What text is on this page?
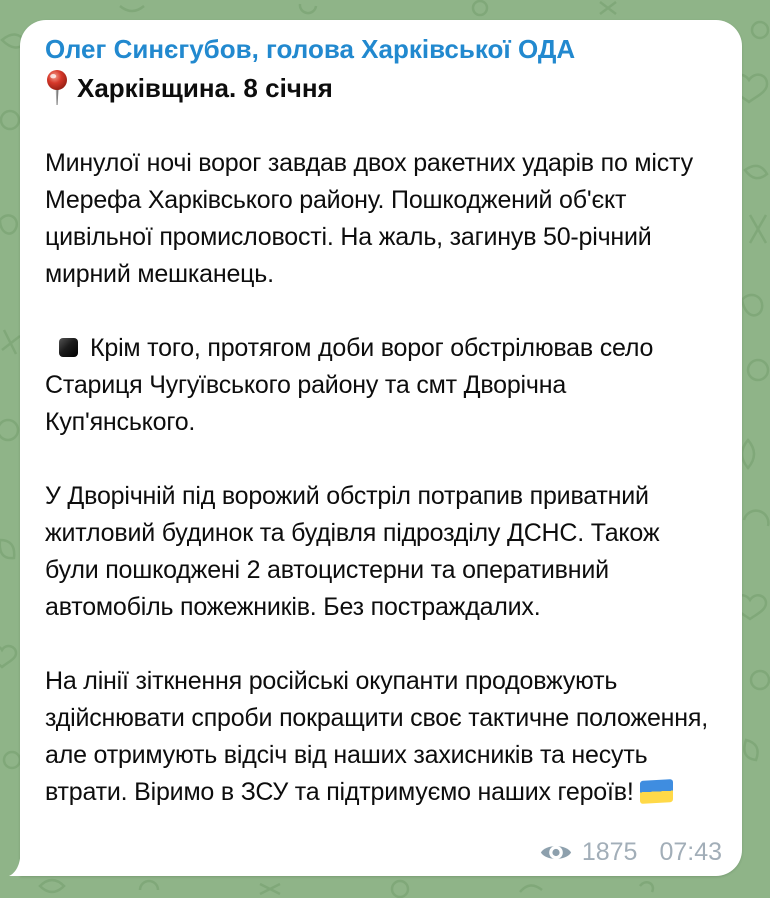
Олег Синєгубов, голова Харківської ОДА
Харківщина. 8 січня

Минулої ночі ворог завдав двох ракетних ударів по місту Мерефа Харківського району. Пошкоджений об'єкт цивільної промисловості. На жаль, загинув 50-річний мирний мешканець.

Крім того, протягом доби ворог обстрілював село Стариця Чугуївського району та смт Дворічна Куп'янського.

У Дворічній під ворожий обстріл потрапив приватний житловий будинок та будівля підрозділу ДСНС. Також були пошкоджені 2 автоцистерни та оперативний автомобіль пожежників. Без постраждалих.

На лінії зіткнення російські окупанти продовжують здійснювати спроби покращити своє тактичне положення, але отримують відсіч від наших захисників та несуть втрати. Віримо в ЗСУ та підтримуємо наших героїв!

1875 07:43
